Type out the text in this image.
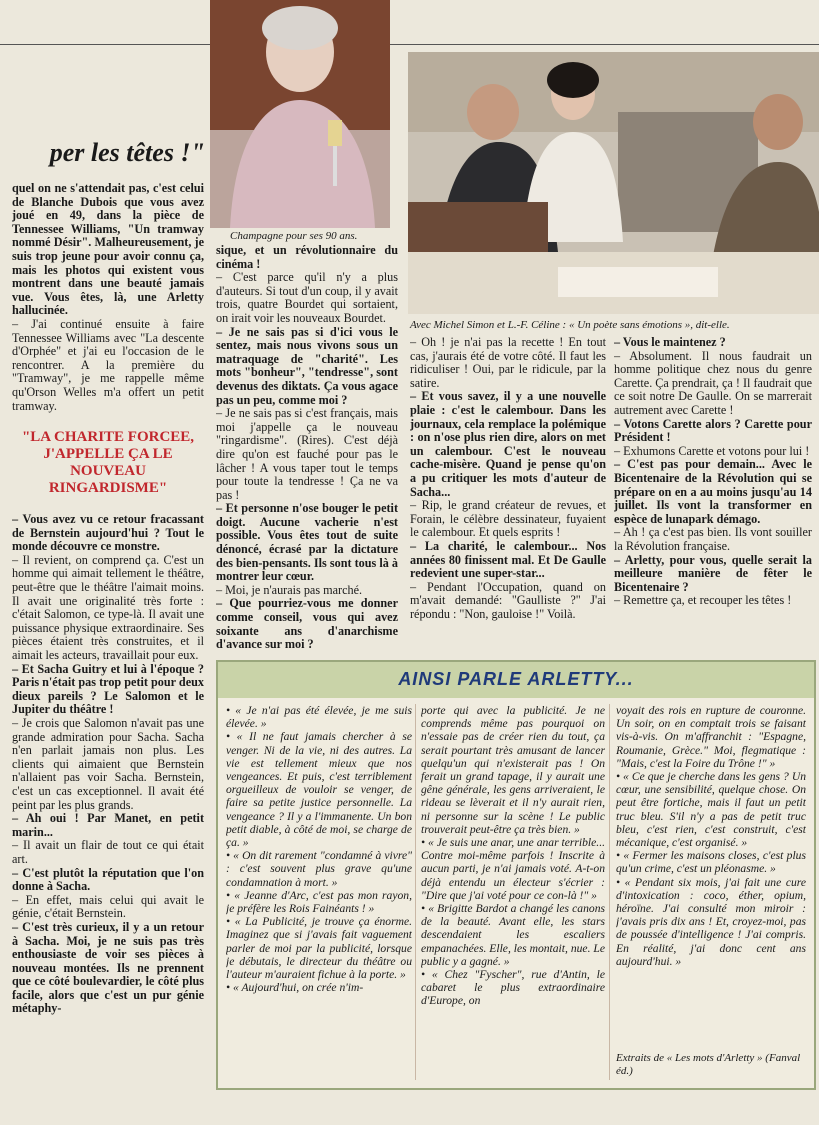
per les têtes !"
Champagne pour ses 90 ans.
Avec Michel Simon et L.-F. Céline : « Un poète sans émotions », dit-elle.

quel on ne s'attendait pas, c'est celui de Blanche Dubois que vous avez joué en 49, dans la pièce de Tennessee Williams, "Un tramway nommé Désir". Malheureusement, je suis trop jeune pour avoir connu ça, mais les photos qui existent vous montrent dans une beauté jamais vue. Vous êtes, là, une Arletty hallucinée.

– J'ai continué ensuite à faire Tennessee Williams avec "La descente d'Orphée" et j'ai eu l'occasion de le rencontrer. A la première du "Tramway", je me rappelle même qu'Orson Welles m'a offert un petit tramway.

"LA CHARITE FORCEE, J'APPELLE ÇA LE NOUVEAU RINGARDISME"

– Vous avez vu ce retour fracassant de Bernstein aujourd'hui ? Tout le monde découvre ce monstre.

– Il revient, on comprend ça. C'est un homme qui aimait tellement le théâtre, peut-être que le théâtre l'aimait moins. Il avait une originalité très forte : c'était Salomon, ce type-là. Il avait une puissance physique extraordinaire. Ses pièces étaient très construites, et il aimait les acteurs, travaillait pour eux.

– Et Sacha Guitry et lui à l'époque ? Paris n'était pas trop petit pour deux dieux pareils ? Le Salomon et le Jupiter du théâtre !

– Je crois que Salomon n'avait pas une grande admiration pour Sacha. Sacha n'en parlait jamais non plus. Les clients qui aimaient que Bernstein n'allaient pas voir Sacha. Bernstein, c'est un cas exceptionnel. Il avait été peint par les plus grands.

– Ah oui ! Par Manet, en petit marin...

– Il avait un flair de tout ce qui était art.

– C'est plutôt la réputation que l'on donne à Sacha.

– En effet, mais celui qui avait le génie, c'était Bernstein.

– C'est très curieux, il y a un retour à Sacha. Moi, je ne suis pas très enthousiaste de voir ses pièces à nouveau montées. Ils ne prennent que ce côté boulevardier, le côté plus facile, alors que c'est un pur génie métaphy-

sique, et un révolutionnaire du cinéma !

– C'est parce qu'il n'y a plus d'auteurs. Si tout d'un coup, il y avait trois, quatre Bourdet qui sortaient, on irait voir les nouveaux Bourdet.

– Je ne sais pas si d'ici vous le sentez, mais nous vivons sous un matraquage de "charité". Les mots "bonheur", "tendresse", sont devenus des diktats. Ça vous agace pas un peu, comme moi ?

– Je ne sais pas si c'est français, mais moi j'appelle ça le nouveau "ringardisme". (Rires). C'est déjà dire qu'on est fauché pour pas le lâcher ! A vous taper tout le temps pour toute la tendresse ! Ça ne va pas !

– Et personne n'ose bouger le petit doigt. Aucune vacherie n'est possible. Vous êtes tout de suite dénoncé, écrasé par la dictature des bien-pensants. Ils sont tous là à montrer leur cœur.

– Moi, je n'aurais pas marché.

– Que pourriez-vous me donner comme conseil, vous qui avez soixante ans d'anarchisme d'avance sur moi ?

– Oh ! je n'ai pas la recette ! En tout cas, j'aurais été de votre côté. Il faut les ridiculiser ! Oui, par le ridicule, par la satire.

– Et vous savez, il y a une nouvelle plaie : c'est le calembour. Dans les journaux, cela remplace la polémique : on n'ose plus rien dire, alors on met un calembour. C'est le nouveau cache-misère. Quand je pense qu'on a pu critiquer les mots d'auteur de Sacha...

– Rip, le grand créateur de revues, et Forain, le célèbre dessinateur, fuyaient le calembour. Et quels esprits !

– La charité, le calembour... Nos années 80 finissent mal. Et De Gaulle redevient une super-star...

– Pendant l'Occupation, quand on m'avait demandé: "Gaulliste ?" J'ai répondu : "Non, gauloise !" Voilà.

– Vous le maintenez ?

– Absolument. Il nous faudrait un homme politique chez nous du genre Carette. Ça prendrait, ça ! Il faudrait que ce soit notre De Gaulle. On se marrerait autrement avec Carette !

– Votons Carette alors ? Carette pour Président !

– Exhumons Carette et votons pour lui !

– C'est pas pour demain... Avec le Bicentenaire de la Révolution qui se prépare on en a au moins jusqu'au 14 juillet. Ils vont la transformer en espèce de lunapark démago.

– Ah ! ça c'est pas bien. Ils vont souiller la Révolution française.

– Arletty, pour vous, quelle serait la meilleure manière de fêter le Bicentenaire ?

– Remettre ça, et recouper les têtes !

AINSI PARLE ARLETTY...

• « Je n'ai pas été élevée, je me suis élevée. »

• « Il ne faut jamais chercher à se venger. Ni de la vie, ni des autres. La vie est tellement mieux que nos vengeances. Et puis, c'est terriblement orgueilleux de vouloir se venger, de faire sa petite justice personnelle. La vengeance ? Il y a l'immanente. Un bon petit diable, à côté de moi, se charge de ça. »

• « On dit rarement "condamné à vivre" : c'est souvent plus grave qu'une condamnation à mort. »

• « Jeanne d'Arc, c'est pas mon rayon, je préfère les Rois Fainéants ! »

• « La Publicité, je trouve ça énorme. Imaginez que si j'avais fait vaguement parler de moi par la publicité, lorsque je débutais, le directeur du théâtre ou l'auteur m'auraient fichue à la porte. »

• « Aujourd'hui, on crée n'im-

porte qui avec la publicité. Je ne comprends même pas pourquoi on n'essaie pas de créer rien du tout, ça serait pourtant très amusant de lancer quelqu'un qui n'existerait pas ! On ferait un grand tapage, il y aurait une gêne générale, les gens arriveraient, le rideau se lèverait et il n'y aurait rien, ni personne sur la scène ! Le public trouverait peut-être ça très bien. »

• « Je suis une anar, une anar terrible... Contre moi-même parfois ! Inscrite à aucun parti, je n'ai jamais voté. A-t-on déjà entendu un électeur s'écrier : "Dire que j'ai voté pour ce con-là !" »

• « Brigitte Bardot a changé les canons de la beauté. Avant elle, les stars descendaient les escaliers empanachées. Elle, les montait, nue. Le public y a gagné. »

• « Chez "Fyscher", rue d'Antin, le cabaret le plus extraordinaire d'Europe, on

voyait des rois en rupture de couronne. Un soir, on en comptait trois se faisant vis-à-vis. On m'affranchit : "Espagne, Roumanie, Grèce." Moi, flegmatique : "Mais, c'est la Foire du Trône !" »

• « Ce que je cherche dans les gens ? Un cœur, une sensibilité, quelque chose. On peut être fortiche, mais il faut un petit truc bleu. S'il n'y a pas de petit truc bleu, c'est rien, c'est construit, c'est mécanique, c'est organisé. »

• « Fermer les maisons closes, c'est plus qu'un crime, c'est un pléonasme. »

• « Pendant six mois, j'ai fait une cure d'intoxication : coco, éther, opium, héroïne. J'ai consulté mon miroir : j'avais pris dix ans ! Et, croyez-moi, pas de poussée d'intelligence ! J'ai compris. En réalité, j'ai donc cent ans aujourd'hui. »

Extraits de « Les mots d'Arletty » (Fanval éd.)
